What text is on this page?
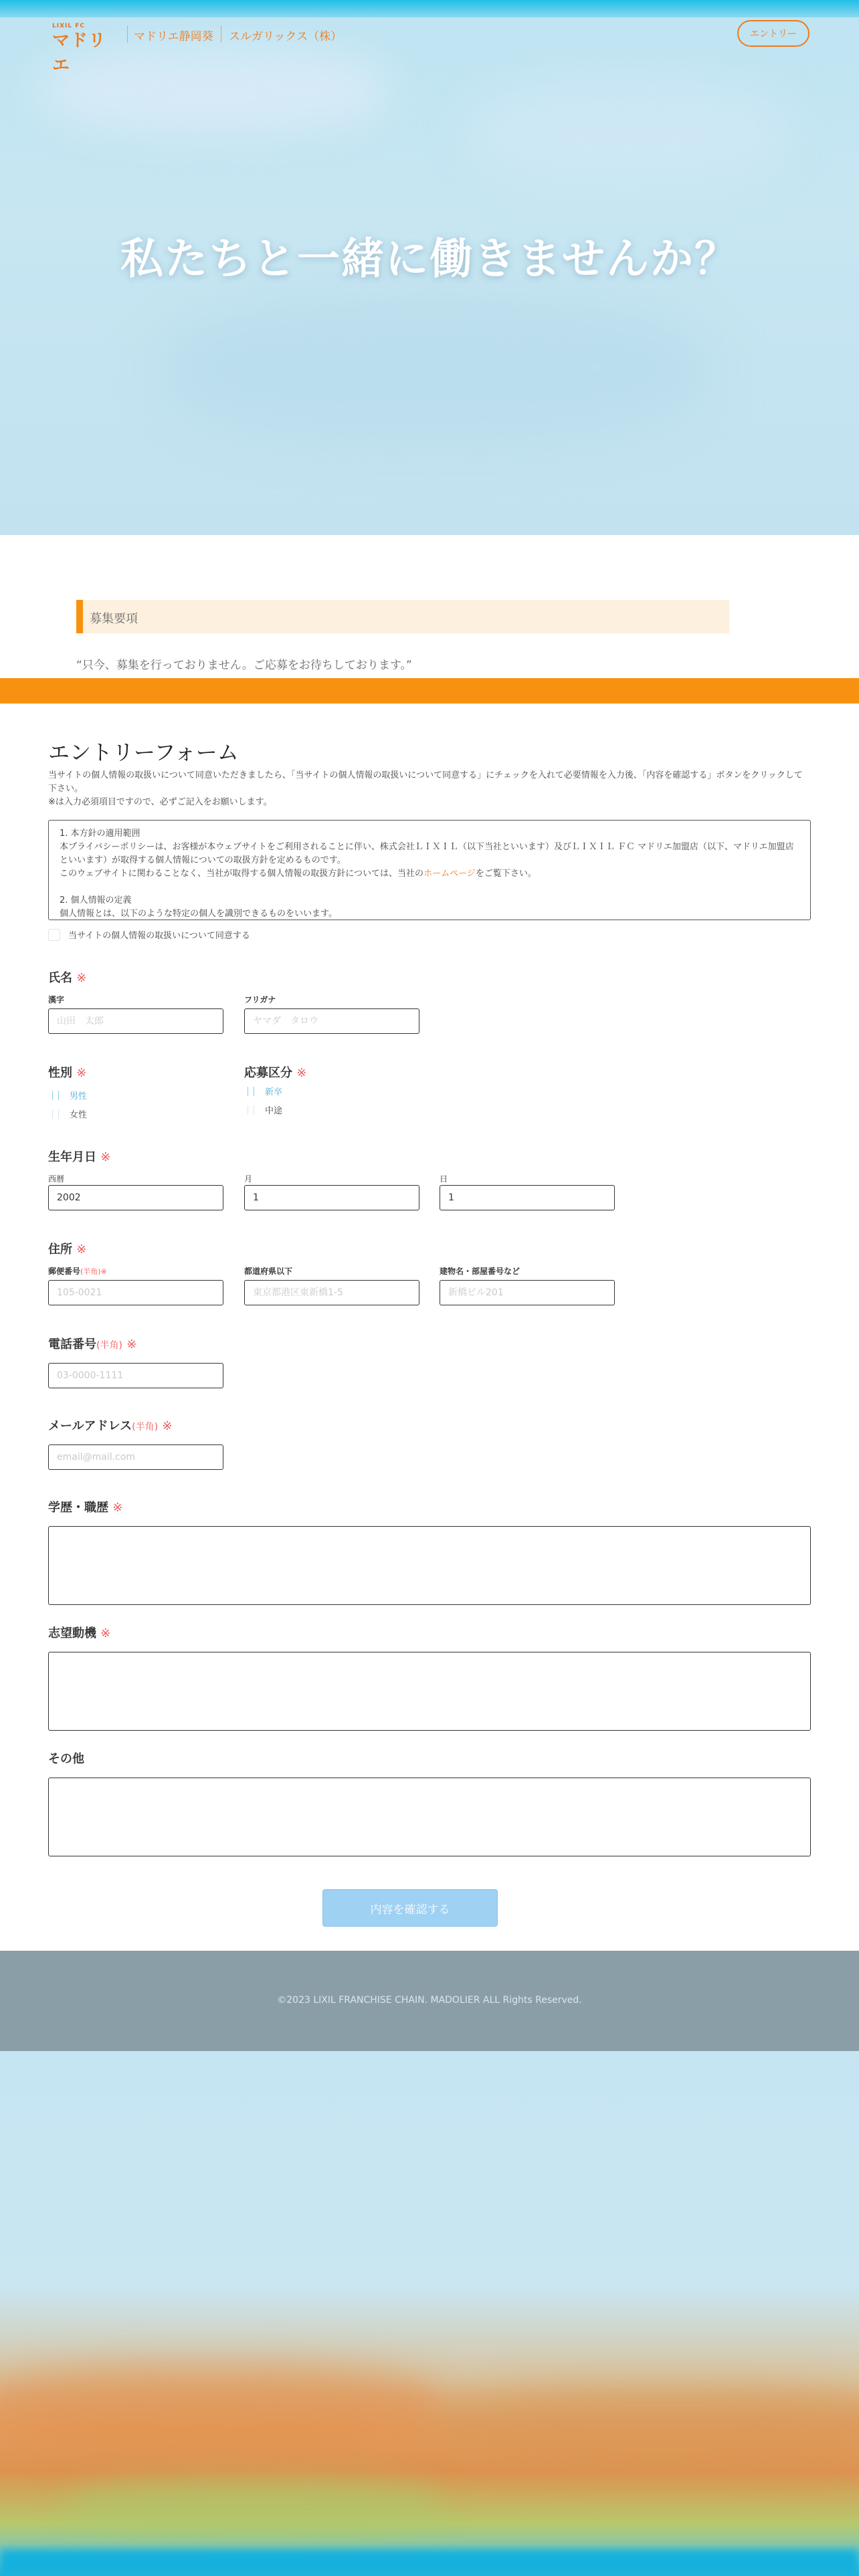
LIXIL FC
マドリエ
マドリエ静岡葵 スルガリックス（株）	エントリー
私たちと一緒に働きませんか？
募集要項
“只今、募集を行っておりません。ご応募をお待ちしております。”
エントリーフォーム
当サイトの個人情報の取扱いについて同意いただきましたら、「当サイトの個人情報の取扱いについて同意する」にチェックを入れて必要情報を入力後、「内容を確認する」ボタンをクリックして下さい。
※は入力必須項目ですので、必ずご記入をお願いします。
1. 本方針の適用範囲
本プライバシーポリシーは、お客様が本ウェブサイトをご利用されることに伴い、株式会社ＬＩＸＩＬ（以下当社といいます）及びＬＩＸＩＬ ＦＣ マドリエ加盟店（以下、マドリエ加盟店といいます）が取得する個人情報についての取扱方針を定めるものです。
このウェブサイトに関わることなく、当社が取得する個人情報の取扱方針については、当社のホームページをご覧下さい。
2. 個人情報の定義
個人情報とは、以下のような特定の個人を識別できるものをいいます。
当サイトの個人情報の取扱いについて同意する
氏名 ※
漢字
山田　太郎
フリガナ
ヤマダ　タロウ
性別 ※
男性
女性
応募区分 ※
新卒
中途
生年月日 ※
西暦
2002
月
1
日
1
住所 ※
郵便番号(半角)※
105-0021
都道府県以下
東京都港区東新橋1-5
建物名・部屋番号など
新橋ビル201
電話番号(半角) ※
03-0000-1111
メールアドレス(半角) ※
email@mail.com
学歴・職歴 ※
志望動機 ※
その他
内容を確認する
©2023 LIXIL FRANCHISE CHAIN. MADOLIER ALL Rights Reserved.
